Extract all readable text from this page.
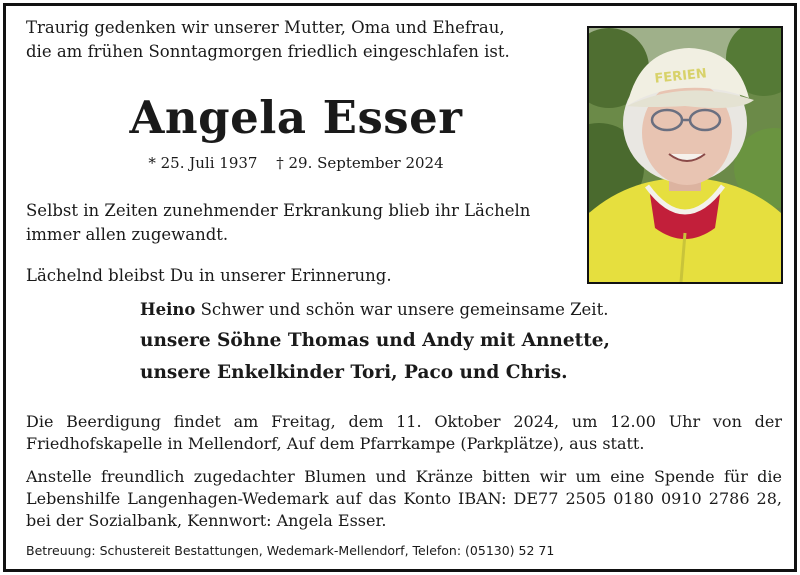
Traurig gedenken wir unserer Mutter, Oma und Ehefrau,
die am frühen Sonntagmorgen friedlich eingeschlafen ist.
Angela Esser
* 25. Juli 1937 † 29. September 2024
Selbst in Zeiten zunehmender Erkrankung blieb ihr Lächeln
immer allen zugewandt.
Lächelnd bleibst Du in unserer Erinnerung.
Heino Schwer und schön war unsere gemeinsame Zeit.
unsere Söhne Thomas und Andy mit Annette,
unsere Enkelkinder Tori, Paco und Chris.
Die Beerdigung findet am Freitag, dem 11. Oktober 2024, um 12.00 Uhr von der Friedhofskapelle in Mellendorf, Auf dem Pfarrkampe (Parkplätze), aus statt.
Anstelle freundlich zugedachter Blumen und Kränze bitten wir um eine Spende für die Lebenshilfe Langenhagen-Wedemark auf das Konto IBAN: DE77 2505 0180 0910 2786 28, bei der Sozialbank, Kennwort: Angela Esser.
Betreuung: Schustereit Bestattungen, Wedemark-Mellendorf, Telefon: (05130) 52 71
FERIEN
